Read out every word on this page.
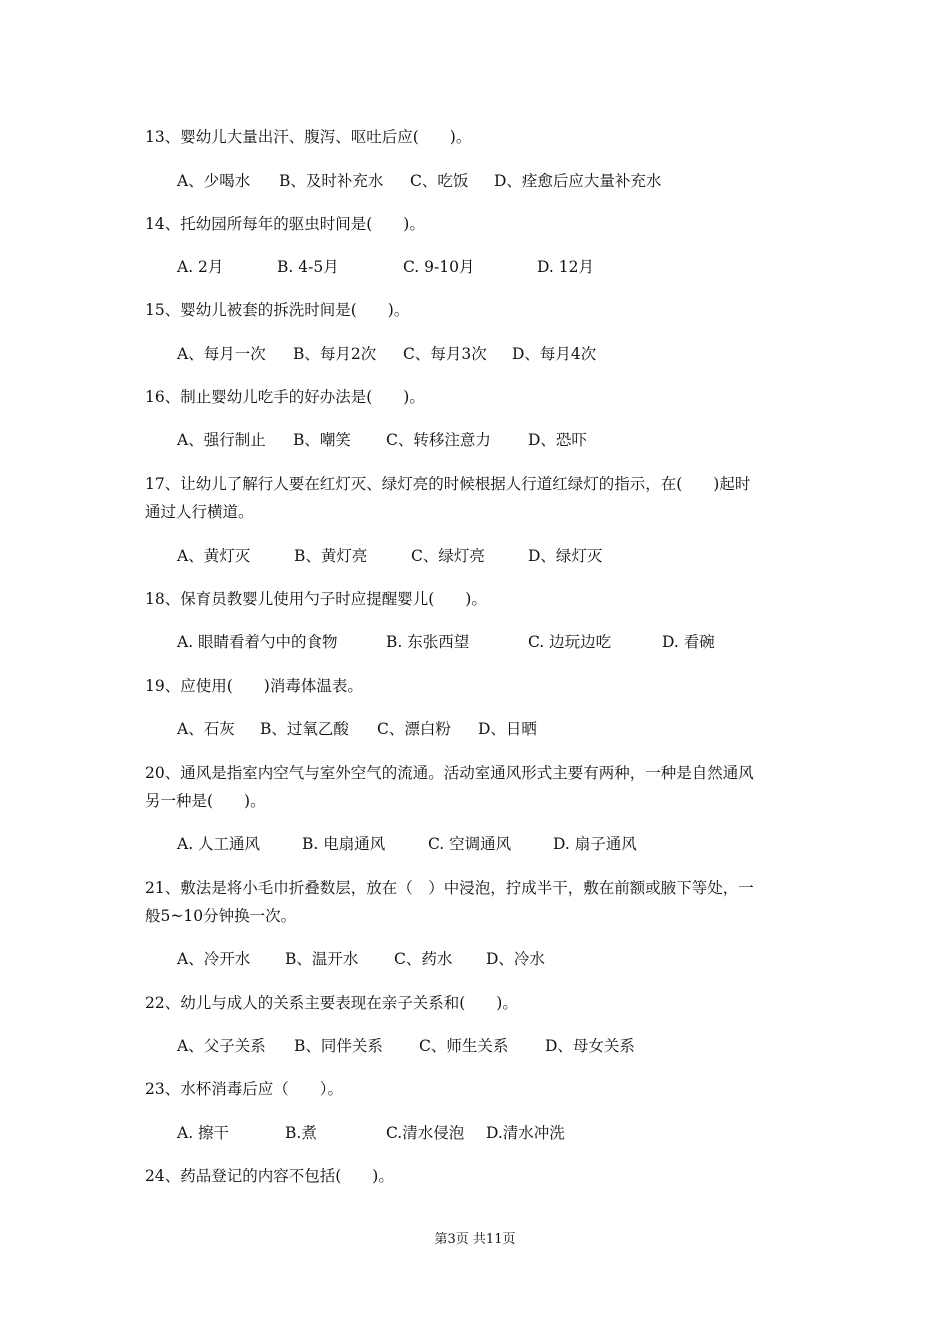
13、婴幼儿大量出汗、腹泻、呕吐后应(　　)。
A、少喝水 B、及时补充水 C、吃饭 D、痊愈后应大量补充水
14、托幼园所每年的驱虫时间是(　　)。
A. 2月	B. 4-5月	C. 9-10月	D. 12月
15、婴幼儿被套的拆洗时间是(　　)。
A、每月一次 B、每月2次 C、每月3次 D、每月4次
16、制止婴幼儿吃手的好办法是(　　)。
A、强行制止 B、嘲笑 C、转移注意力 D、恐吓
17、让幼儿了解行人要在红灯灭、绿灯亮的时候根据人行道红绿灯的指示，在(　　)起时
通过人行横道。
A、黄灯灭	B、黄灯亮	C、绿灯亮	D、绿灯灭
18、保育员教婴儿使用勺子时应提醒婴儿(　　)。
A. 眼睛看着勺中的食物	B. 东张西望	C. 边玩边吃	D. 看碗
19、应使用(　　)消毒体温表。
A、石灰 B、过氧乙酸 C、漂白粉 D、日晒
20、通风是指室内空气与室外空气的流通。活动室通风形式主要有两种，一种是自然通风
另一种是(　　)。
A. 人工通风	B. 电扇通风	C. 空调通风	D. 扇子通风
21、敷法是将小毛巾折叠数层，放在（　）中浸泡，拧成半干，敷在前额或腋下等处，一
般5~10分钟换一次。
A、冷开水 B、温开水 C、药水 D、冷水
22、幼儿与成人的关系主要表现在亲子关系和(　　)。
A、父子关系 B、同伴关系 C、师生关系 D、母女关系
23、水杯消毒后应（　　）。
A. 擦干	B.煮	C.清水侵泡 D.清水冲洗
24、药品登记的内容不包括(　　)。
第3页 共11页
